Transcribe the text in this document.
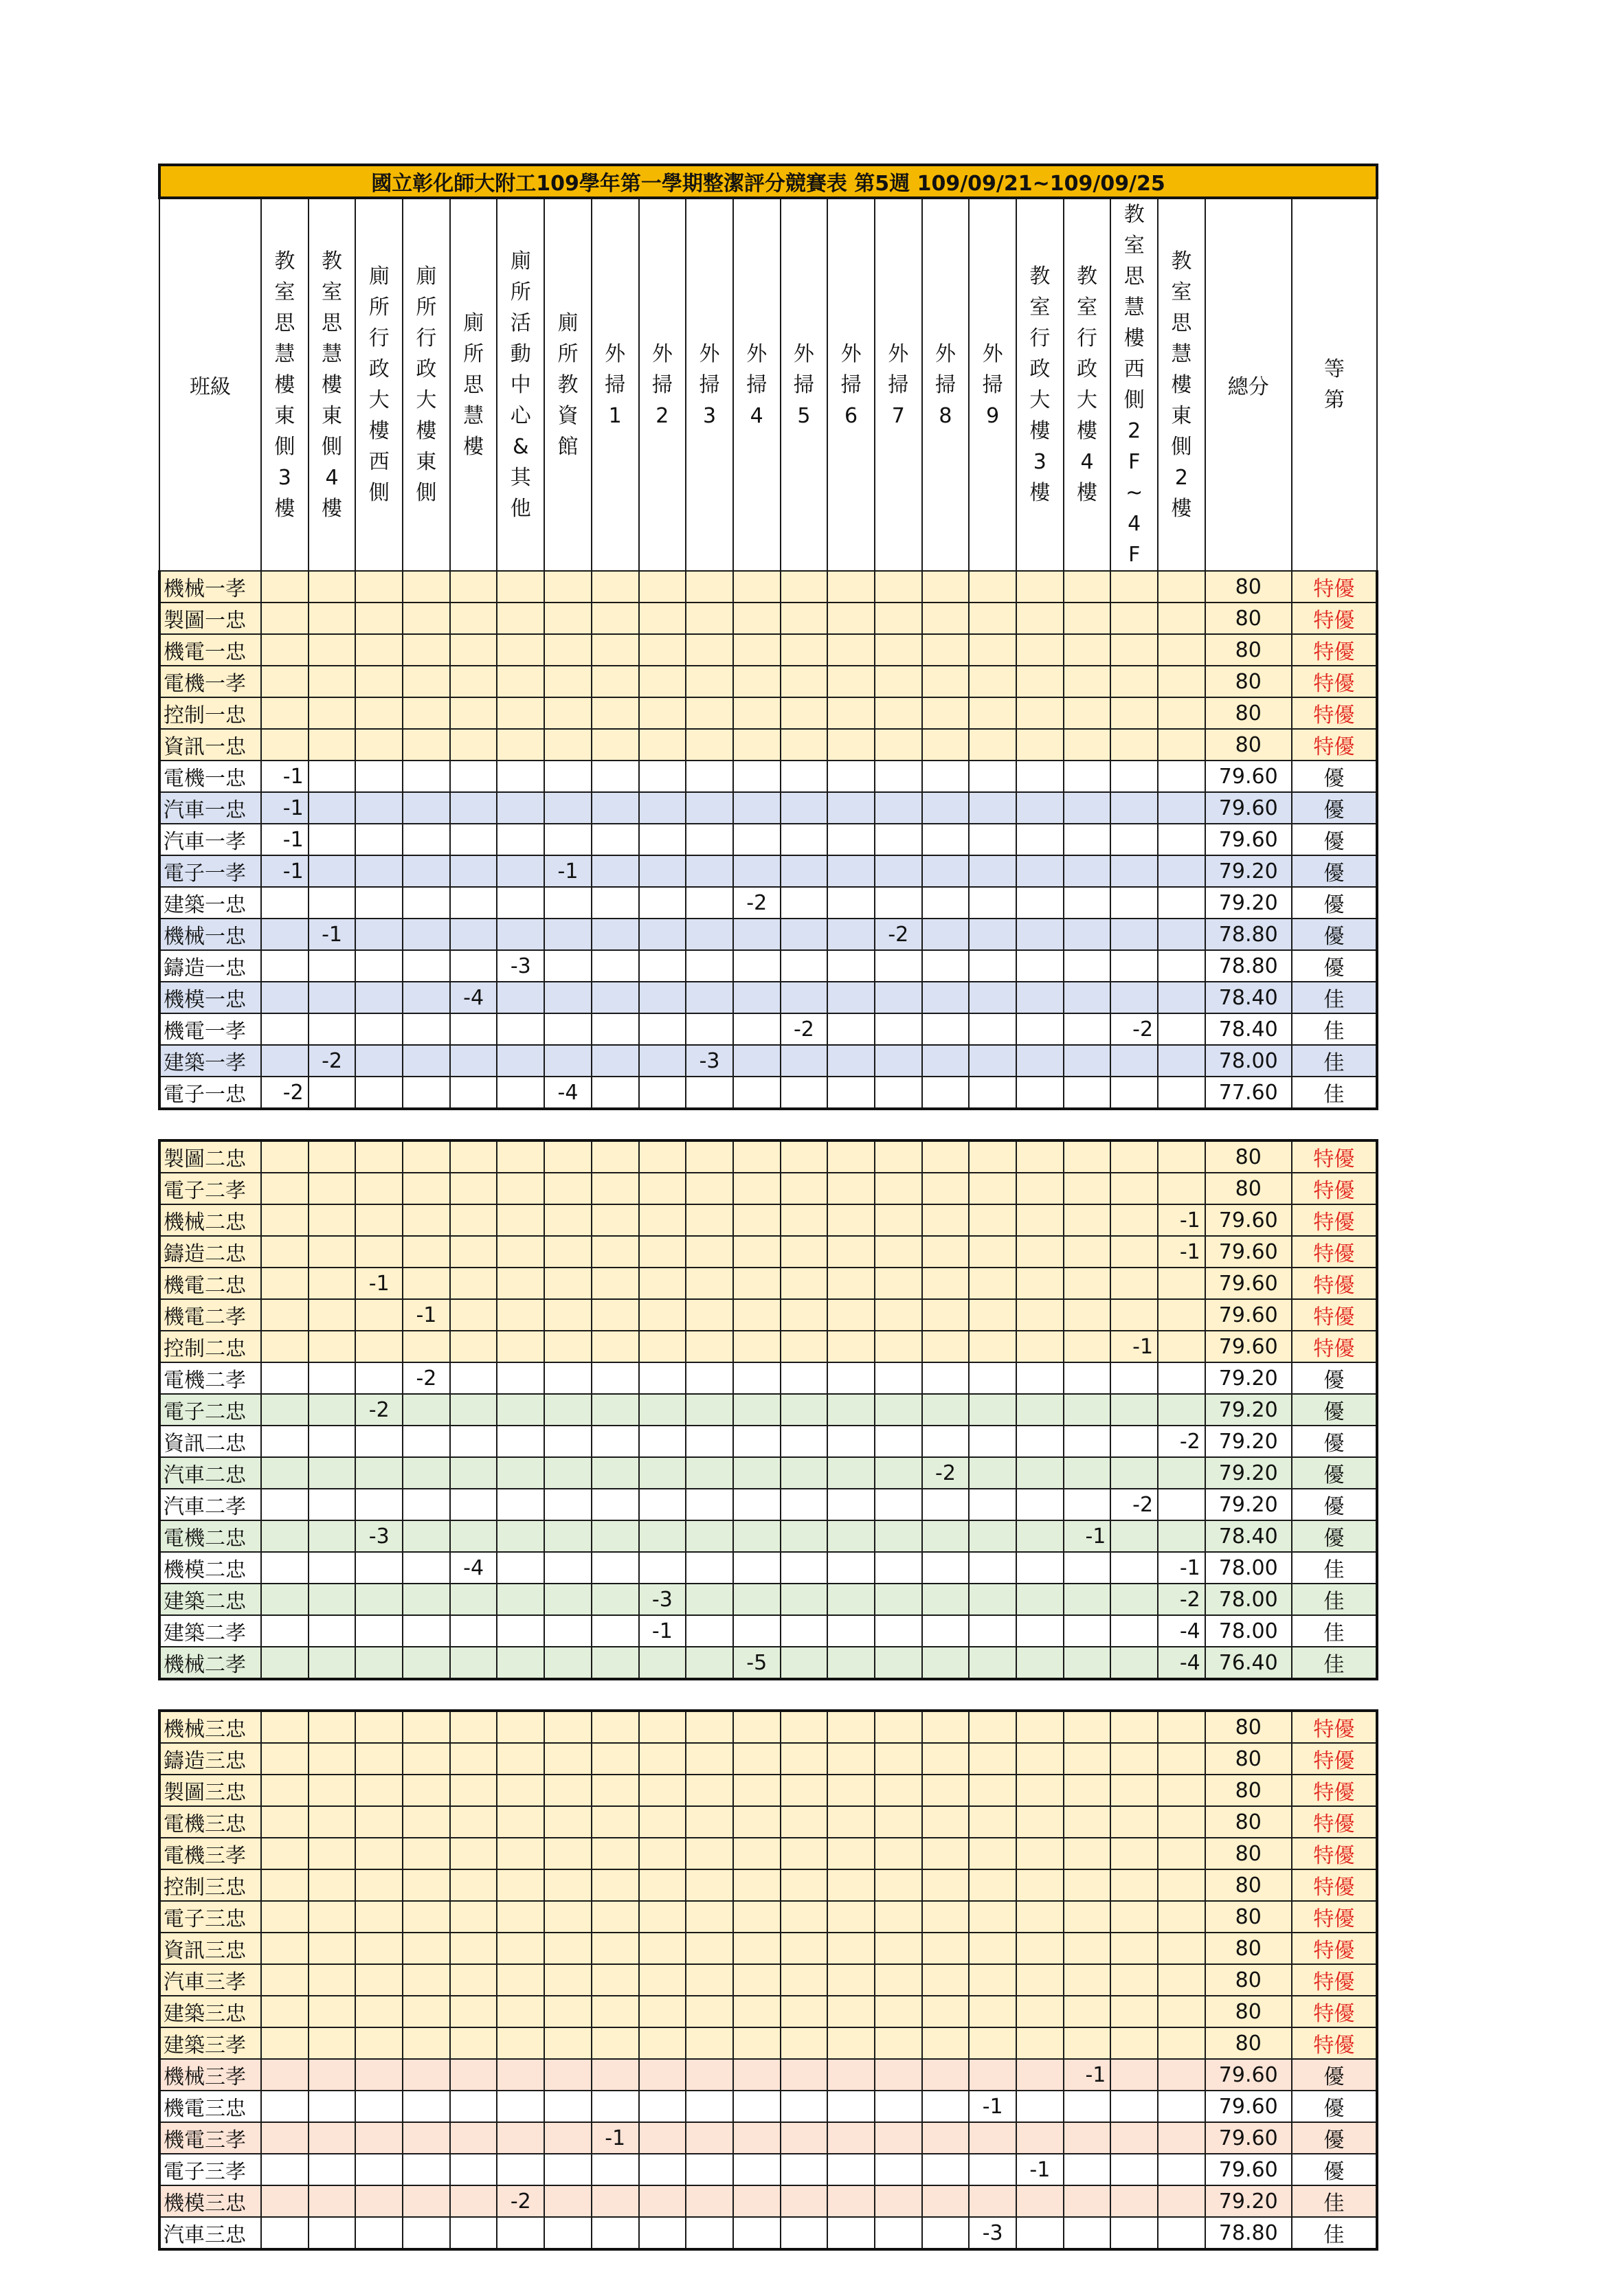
國立彰化師大附工109學年第一學期整潔評分競賽表 第5週 109/09/21~109/09/25																						
班級	教室思慧樓東側3樓	教室思慧樓東側4樓	廁所行政大樓西側	廁所行政大樓東側	廁所思慧樓	廁所活動中心&其他	廁所教資館	外掃1	外掃2	外掃3	外掃4	外掃5	外掃6	外掃7	外掃8	外掃9	教室行政大樓3樓	教室行政大樓4樓	教室思慧樓西側2F~4F	教室思慧樓東側2樓	總分	等第
機械一孝																					80	特優
製圖一忠																					80	特優
機電一忠																					80	特優
電機一孝																					80	特優
控制一忠																					80	特優
資訊一忠																					80	特優
電機一忠	-1																				79.60	優
汽車一忠	-1																				79.60	優
汽車一孝	-1																				79.60	優
電子一孝	-1						-1														79.20	優
建築一忠											-2										79.20	優
機械一忠		-1												-2							78.80	優
鑄造一忠						-3															78.80	優
機模一忠					-4																78.40	佳
機電一孝												-2							-2		78.40	佳
建築一孝		-2								-3											78.00	佳
電子一忠	-2						-4														77.60	佳

製圖二忠																					80	特優
電子二孝																					80	特優
機械二忠																				-1	79.60	特優
鑄造二忠																				-1	79.60	特優
機電二忠			-1																		79.60	特優
機電二孝				-1																	79.60	特優
控制二忠																			-1		79.60	特優
電機二孝				-2																	79.20	優
電子二忠			-2																		79.20	優
資訊二忠																				-2	79.20	優
汽車二忠															-2						79.20	優
汽車二孝																			-2		79.20	優
電機二忠			-3															-1			78.40	優
機模二忠					-4															-1	78.00	佳
建築二忠									-3											-2	78.00	佳
建築二孝									-1											-4	78.00	佳
機械二孝											-5									-4	76.40	佳

機械三忠																					80	特優
鑄造三忠																					80	特優
製圖三忠																					80	特優
電機三忠																					80	特優
電機三孝																					80	特優
控制三忠																					80	特優
電子三忠																					80	特優
資訊三忠																					80	特優
汽車三孝																					80	特優
建築三忠																					80	特優
建築三孝																					80	特優
機械三孝																		-1			79.60	優
機電三忠																-1					79.60	優
機電三孝								-1													79.60	優
電子三孝																	-1				79.60	優
機模三忠						-2															79.20	佳
汽車三忠																-3					78.80	佳
